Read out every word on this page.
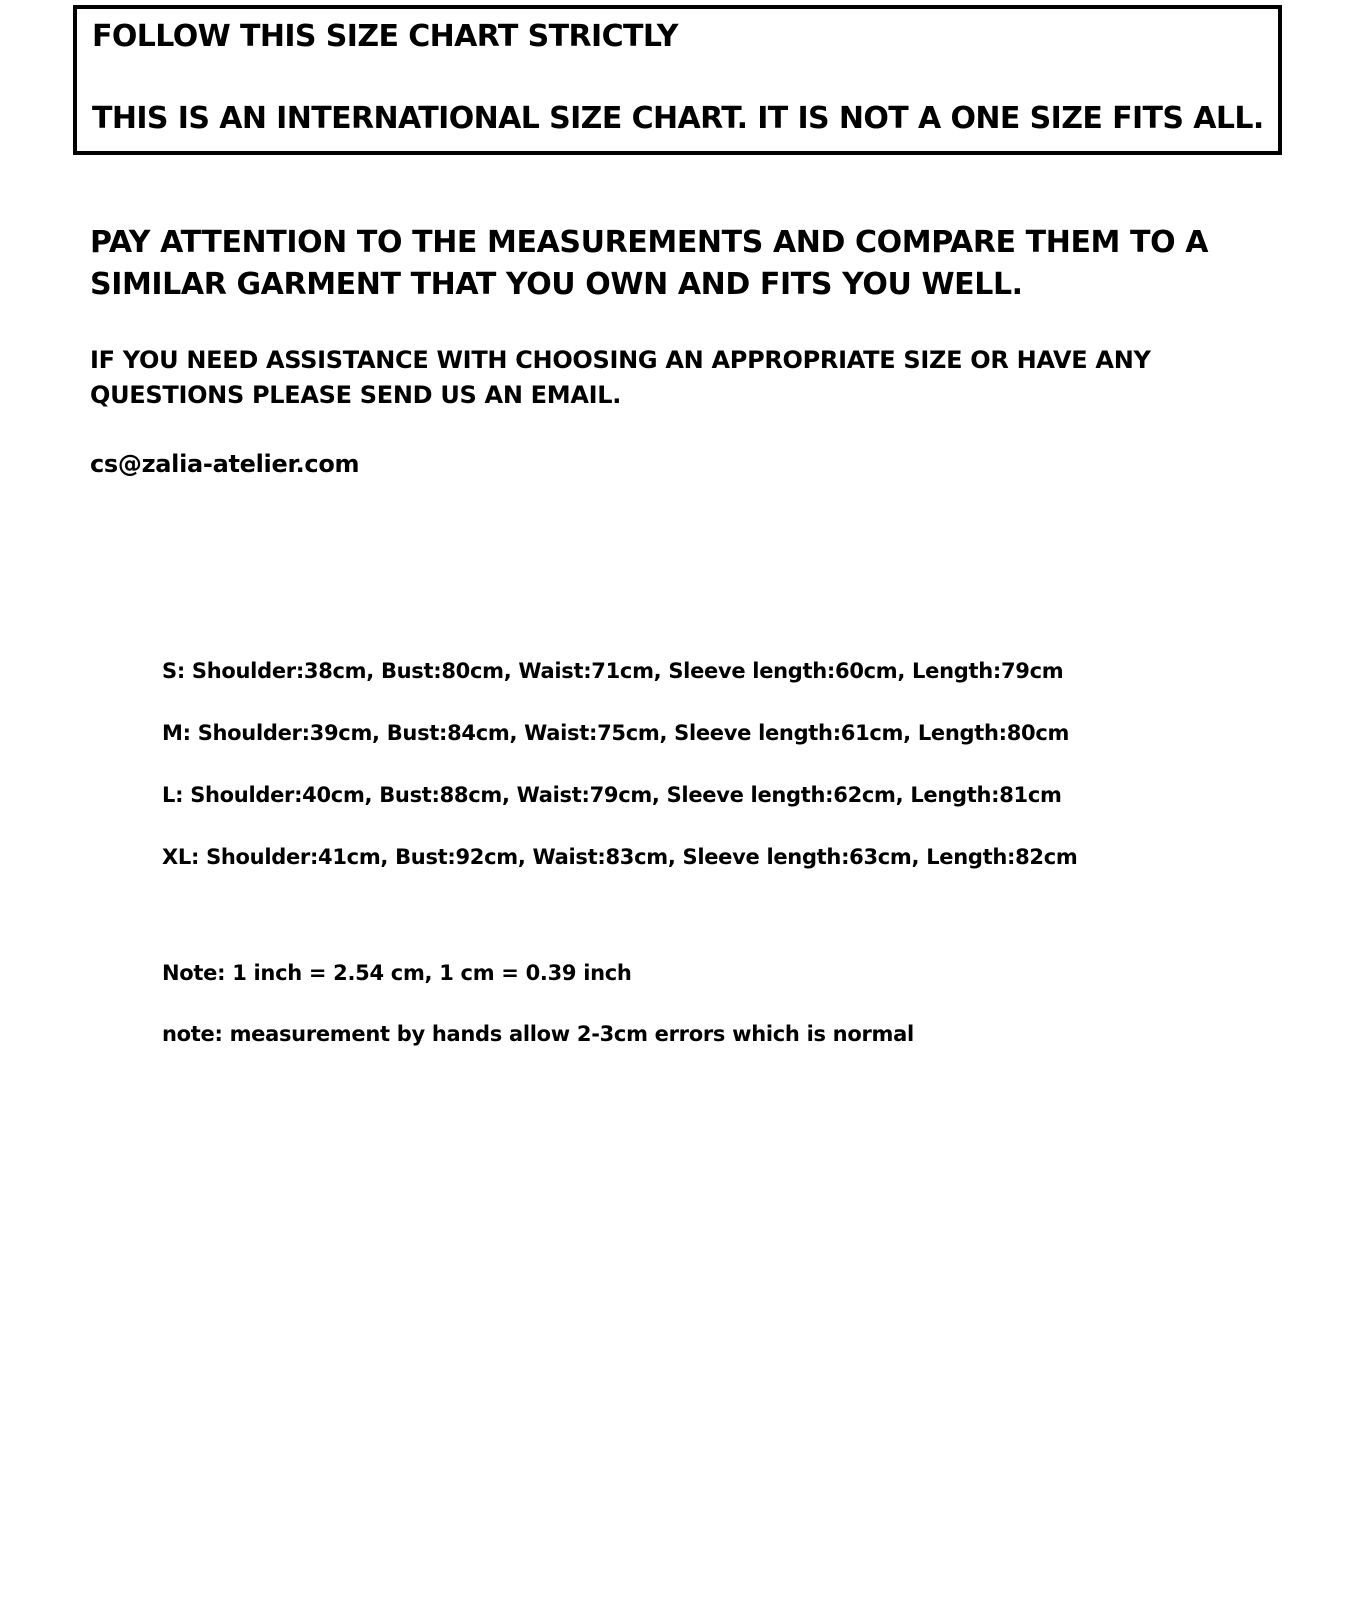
FOLLOW THIS SIZE CHART STRICTLY

THIS IS AN INTERNATIONAL SIZE CHART. IT IS NOT A ONE SIZE FITS ALL.

PAY ATTENTION TO THE MEASUREMENTS AND COMPARE THEM TO A SIMILAR GARMENT THAT YOU OWN AND FITS YOU WELL.

IF YOU NEED ASSISTANCE WITH CHOOSING AN APPROPRIATE SIZE OR HAVE ANY QUESTIONS PLEASE SEND US AN EMAIL.

cs@zalia-atelier.com

S: Shoulder:38cm, Bust:80cm, Waist:71cm, Sleeve length:60cm, Length:79cm
M: Shoulder:39cm, Bust:84cm, Waist:75cm, Sleeve length:61cm, Length:80cm
L: Shoulder:40cm, Bust:88cm, Waist:79cm, Sleeve length:62cm, Length:81cm
XL: Shoulder:41cm, Bust:92cm, Waist:83cm, Sleeve length:63cm, Length:82cm
Note: 1 inch = 2.54 cm, 1 cm = 0.39 inch
note: measurement by hands allow 2-3cm errors which is normal
